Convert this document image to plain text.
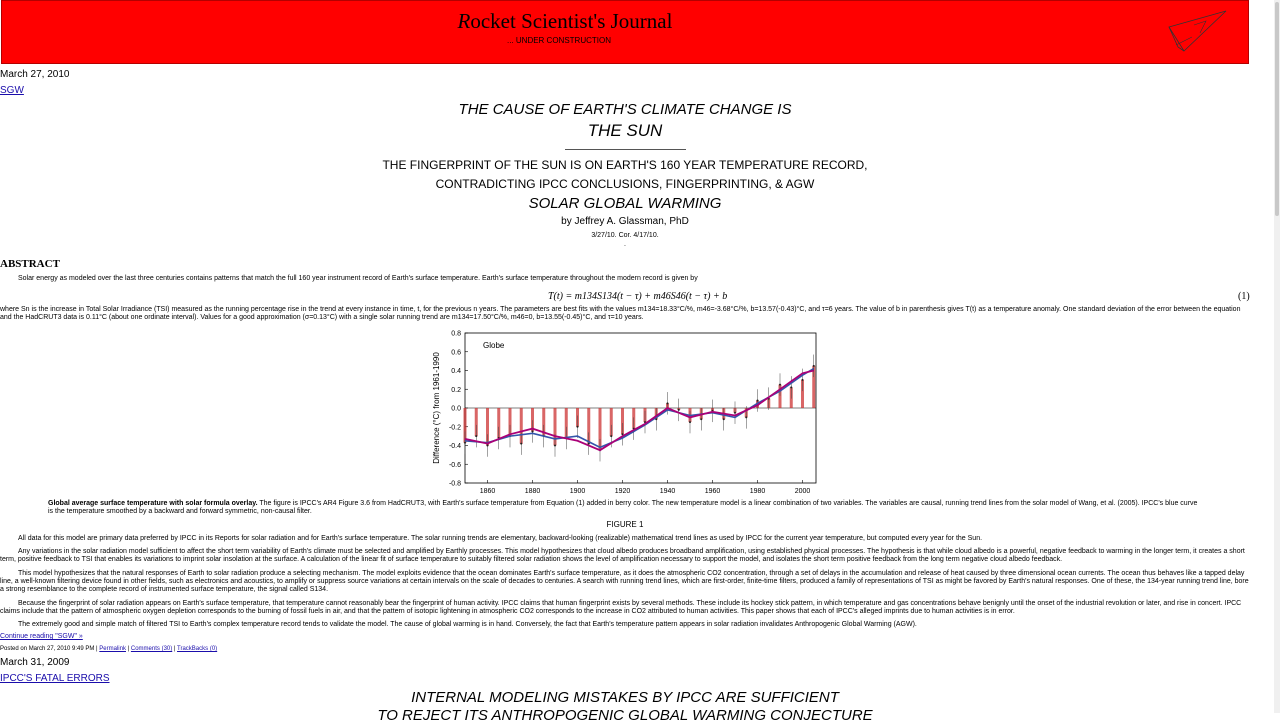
Rocket Scientist's Journal
... UNDER CONSTRUCTION
March 27, 2010
SGW
THE CAUSE OF EARTH'S CLIMATE CHANGE IS
THE SUN
THE FINGERPRINT OF THE SUN IS ON EARTH'S 160 YEAR TEMPERATURE RECORD,
CONTRADICTING IPCC CONCLUSIONS, FINGERPRINTING, & AGW
SOLAR GLOBAL WARMING
by Jeffrey A. Glassman, PhD
3/27/10. Cor. 4/17/10.
.
ABSTRACT
Solar energy as modeled over the last three centuries contains patterns that match the full 160 year instrument record of Earth's surface temperature. Earth's surface temperature throughout the modern record is given by
T(t) = m134S134(t − τ) + m46S46(t − τ) + b	(1)
where Sn is the increase in Total Solar Irradiance (TSI) measured as the running percentage rise in the trend at every instance in time, t, for the previous n years. The parameters are best fits with the values m134=18.33°C/%, m46=-3.68°C/%, b=13.57(-0.43)°C, and τ=6 years. The value of b in parenthesis gives T(t) as a temperature anomaly. One standard deviation of the error between the equation and the HadCRUT3 data is 0.11°C (about one ordinate interval). Values for a good approximation (σ=0.13°C) with a single solar running trend are m134=17.50°C/%, m46=0, b=13.55(-0.45)°C, and τ=10 years.
0.8
0.6
0.4
0.2
0.0
-0.2
-0.4
-0.6
-0.8
1860	1880	1900	1920	1940	1960	1980	2000
Globe
Difference (°C) from 1961-1990
Global average surface temperature with solar formula overlay. The figure is IPCC's AR4 Figure 3.6 from HadCRUT3, with Earth's surface temperature from Equation (1) added in berry color. The new temperature model is a linear combination of two variables. The variables are causal, running trend lines from the solar model of Wang, et al. (2005). IPCC's blue curve is the temperature smoothed by a backward and forward symmetric, non-causal filter.
FIGURE 1
All data for this model are primary data preferred by IPCC in its Reports for solar radiation and for Earth's surface temperature. The solar running trends are elementary, backward-looking (realizable) mathematical trend lines as used by IPCC for the current year temperature, but computed every year for the Sun.
Any variations in the solar radiation model sufficient to affect the short term variability of Earth's climate must be selected and amplified by Earthly processes. This model hypothesizes that cloud albedo produces broadband amplification, using established physical processes. The hypothesis is that while cloud albedo is a powerful, negative feedback to warming in the longer term, it creates a short term, positive feedback to TSI that enables its variations to imprint solar insolation at the surface. A calculation of the linear fit of surface temperature to suitably filtered solar radiation shows the level of amplification necessary to support the model, and isolates the short term positive feedback from the long term negative cloud albedo feedback.
This model hypothesizes that the natural responses of Earth to solar radiation produce a selecting mechanism. The model exploits evidence that the ocean dominates Earth's surface temperature, as it does the atmospheric CO2 concentration, through a set of delays in the accumulation and release of heat caused by three dimensional ocean currents. The ocean thus behaves like a tapped delay line, a well-known filtering device found in other fields, such as electronics and acoustics, to amplify or suppress source variations at certain intervals on the scale of decades to centuries. A search with running trend lines, which are first-order, finite-time filters, produced a family of representations of TSI as might be favored by Earth's natural responses. One of these, the 134-year running trend line, bore a strong resemblance to the complete record of instrumented surface temperature, the signal called S134.
Because the fingerprint of solar radiation appears on Earth's surface temperature, that temperature cannot reasonably bear the fingerprint of human activity. IPCC claims that human fingerprint exists by several methods. These include its hockey stick pattern, in which temperature and gas concentrations behave benignly until the onset of the industrial revolution or later, and rise in concert. IPCC claims include that the pattern of atmospheric oxygen depletion corresponds to the burning of fossil fuels in air, and that the pattern of isotopic lightening in atmospheric CO2 corresponds to the increase in CO2 attributed to human activities. This paper shows that each of IPCC's alleged imprints due to human activities is in error.
The extremely good and simple match of filtered TSI to Earth's complex temperature record tends to validate the model. The cause of global warming is in hand. Conversely, the fact that Earth's temperature pattern appears in solar radiation invalidates Anthropogenic Global Warming (AGW).
Continue reading "SGW" »
Posted on March 27, 2010 9:49 PM | Permalink | Comments (30) | TrackBacks (0)
March 31, 2009
IPCC'S FATAL ERRORS
INTERNAL MODELING MISTAKES BY IPCC ARE SUFFICIENT
TO REJECT ITS ANTHROPOGENIC GLOBAL WARMING CONJECTURE
